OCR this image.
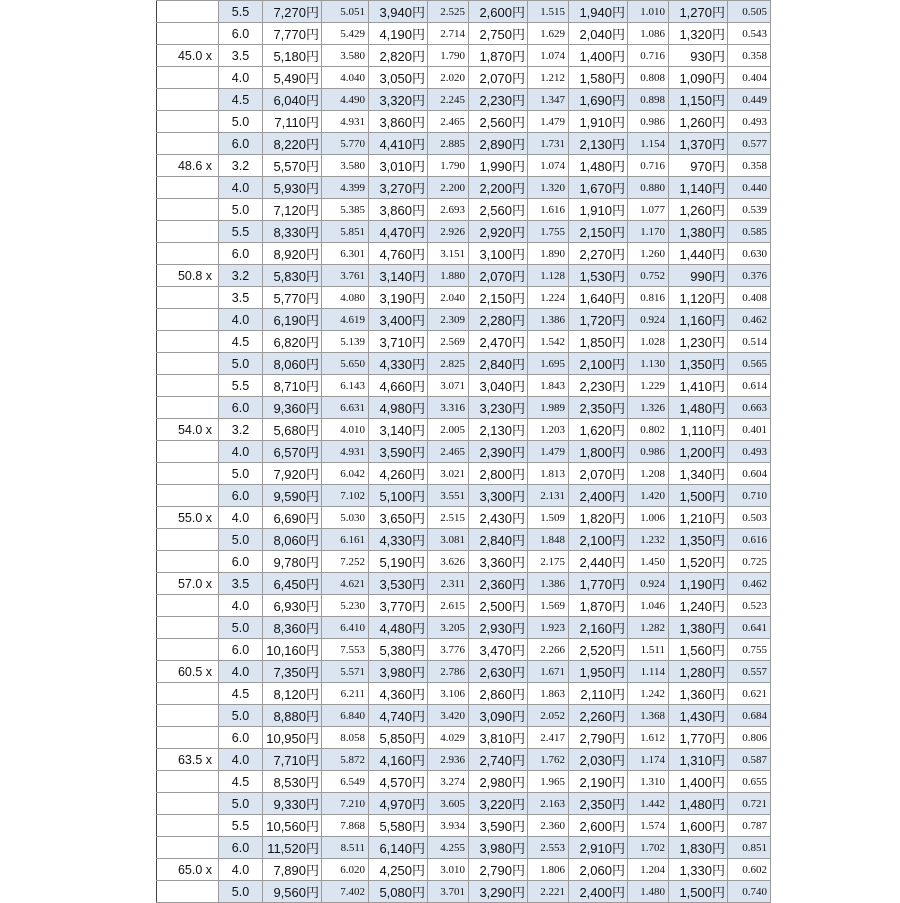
	5.5	7,270円	5.051	3,940円	2.525	2,600円	1.515	1,940円	1.010	1,270円	0.505
	6.0	7,770円	5.429	4,190円	2.714	2,750円	1.629	2,040円	1.086	1,320円	0.543
45.0 x	3.5	5,180円	3.580	2,820円	1.790	1,870円	1.074	1,400円	0.716	930円	0.358
	4.0	5,490円	4.040	3,050円	2.020	2,070円	1.212	1,580円	0.808	1,090円	0.404
	4.5	6,040円	4.490	3,320円	2.245	2,230円	1.347	1,690円	0.898	1,150円	0.449
	5.0	7,110円	4.931	3,860円	2.465	2,560円	1.479	1,910円	0.986	1,260円	0.493
	6.0	8,220円	5.770	4,410円	2.885	2,890円	1.731	2,130円	1.154	1,370円	0.577
48.6 x	3.2	5,570円	3.580	3,010円	1.790	1,990円	1.074	1,480円	0.716	970円	0.358
	4.0	5,930円	4.399	3,270円	2.200	2,200円	1.320	1,670円	0.880	1,140円	0.440
	5.0	7,120円	5.385	3,860円	2.693	2,560円	1.616	1,910円	1.077	1,260円	0.539
	5.5	8,330円	5.851	4,470円	2.926	2,920円	1.755	2,150円	1.170	1,380円	0.585
	6.0	8,920円	6.301	4,760円	3.151	3,100円	1.890	2,270円	1.260	1,440円	0.630
50.8 x	3.2	5,830円	3.761	3,140円	1.880	2,070円	1.128	1,530円	0.752	990円	0.376
	3.5	5,770円	4.080	3,190円	2.040	2,150円	1.224	1,640円	0.816	1,120円	0.408
	4.0	6,190円	4.619	3,400円	2.309	2,280円	1.386	1,720円	0.924	1,160円	0.462
	4.5	6,820円	5.139	3,710円	2.569	2,470円	1.542	1,850円	1.028	1,230円	0.514
	5.0	8,060円	5.650	4,330円	2.825	2,840円	1.695	2,100円	1.130	1,350円	0.565
	5.5	8,710円	6.143	4,660円	3.071	3,040円	1.843	2,230円	1.229	1,410円	0.614
	6.0	9,360円	6.631	4,980円	3.316	3,230円	1.989	2,350円	1.326	1,480円	0.663
54.0 x	3.2	5,680円	4.010	3,140円	2.005	2,130円	1.203	1,620円	0.802	1,110円	0.401
	4.0	6,570円	4.931	3,590円	2.465	2,390円	1.479	1,800円	0.986	1,200円	0.493
	5.0	7,920円	6.042	4,260円	3.021	2,800円	1.813	2,070円	1.208	1,340円	0.604
	6.0	9,590円	7.102	5,100円	3.551	3,300円	2.131	2,400円	1.420	1,500円	0.710
55.0 x	4.0	6,690円	5.030	3,650円	2.515	2,430円	1.509	1,820円	1.006	1,210円	0.503
	5.0	8,060円	6.161	4,330円	3.081	2,840円	1.848	2,100円	1.232	1,350円	0.616
	6.0	9,780円	7.252	5,190円	3.626	3,360円	2.175	2,440円	1.450	1,520円	0.725
57.0 x	3.5	6,450円	4.621	3,530円	2.311	2,360円	1.386	1,770円	0.924	1,190円	0.462
	4.0	6,930円	5.230	3,770円	2.615	2,500円	1.569	1,870円	1.046	1,240円	0.523
	5.0	8,360円	6.410	4,480円	3.205	2,930円	1.923	2,160円	1.282	1,380円	0.641
	6.0	10,160円	7.553	5,380円	3.776	3,470円	2.266	2,520円	1.511	1,560円	0.755
60.5 x	4.0	7,350円	5.571	3,980円	2.786	2,630円	1.671	1,950円	1.114	1,280円	0.557
	4.5	8,120円	6.211	4,360円	3.106	2,860円	1.863	2,110円	1.242	1,360円	0.621
	5.0	8,880円	6.840	4,740円	3.420	3,090円	2.052	2,260円	1.368	1,430円	0.684
	6.0	10,950円	8.058	5,850円	4.029	3,810円	2.417	2,790円	1.612	1,770円	0.806
63.5 x	4.0	7,710円	5.872	4,160円	2.936	2,740円	1.762	2,030円	1.174	1,310円	0.587
	4.5	8,530円	6.549	4,570円	3.274	2,980円	1.965	2,190円	1.310	1,400円	0.655
	5.0	9,330円	7.210	4,970円	3.605	3,220円	2.163	2,350円	1.442	1,480円	0.721
	5.5	10,560円	7.868	5,580円	3.934	3,590円	2.360	2,600円	1.574	1,600円	0.787
	6.0	11,520円	8.511	6,140円	4.255	3,980円	2.553	2,910円	1.702	1,830円	0.851
65.0 x	4.0	7,890円	6.020	4,250円	3.010	2,790円	1.806	2,060円	1.204	1,330円	0.602
	5.0	9,560円	7.402	5,080円	3.701	3,290円	2.221	2,400円	1.480	1,500円	0.740
